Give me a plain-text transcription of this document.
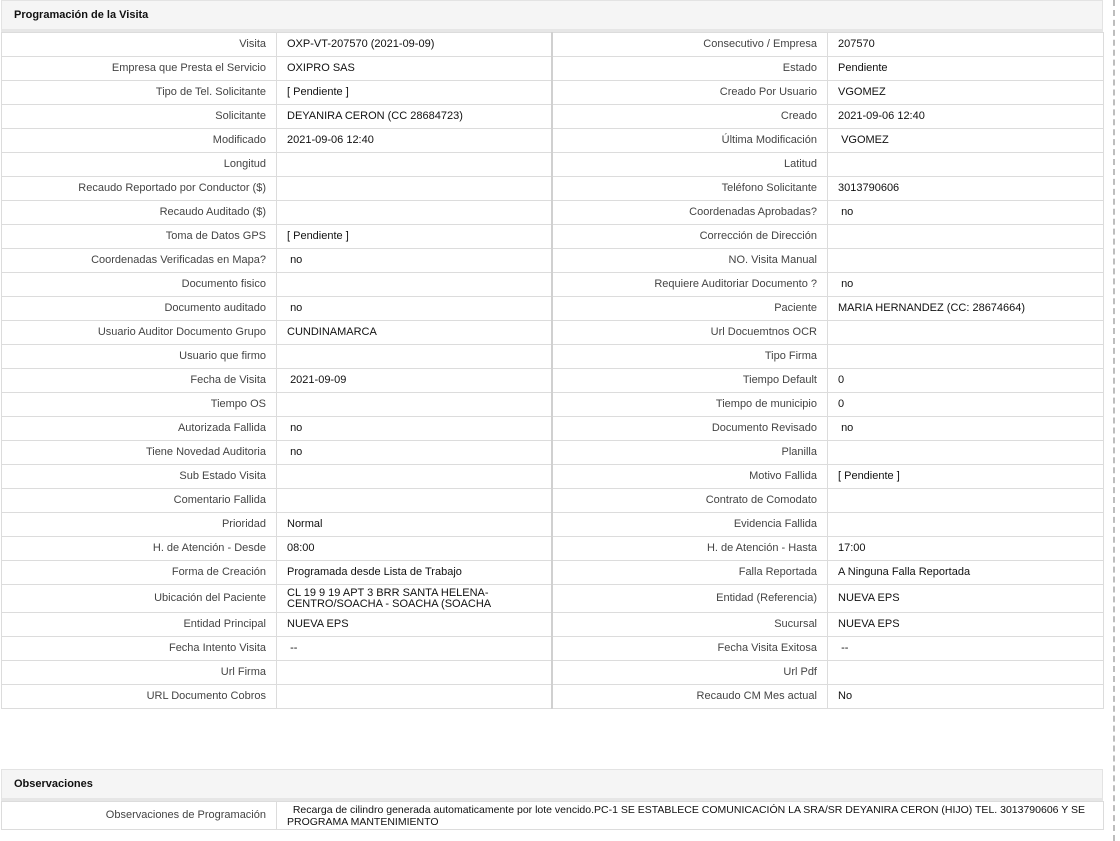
Programación de la Visita
Visita	OXP-VT-207570 (2021-09-09)	Consecutivo / Empresa	207570
Empresa que Presta el Servicio	OXIPRO SAS	Estado	Pendiente
Tipo de Tel. Solicitante	[ Pendiente ]	Creado Por Usuario	VGOMEZ
Solicitante	DEYANIRA CERON (CC 28684723)	Creado	2021-09-06 12:40
Modificado	2021-09-06 12:40	Última Modificación	VGOMEZ
Longitud		Latitud	
Recaudo Reportado por Conductor ($)		Teléfono Solicitante	3013790606
Recaudo Auditado ($)		Coordenadas Aprobadas?	no
Toma de Datos GPS	[ Pendiente ]	Corrección de Dirección	
Coordenadas Verificadas en Mapa?	no	NO. Visita Manual	
Documento fisico		Requiere Auditoriar Documento ?	no
Documento auditado	no	Paciente	MARIA HERNANDEZ (CC: 28674664)
Usuario Auditor Documento Grupo	CUNDINAMARCA	Url Docuemtnos OCR	
Usuario que firmo		Tipo Firma	
Fecha de Visita	2021-09-09	Tiempo Default	0
Tiempo OS		Tiempo de municipio	0
Autorizada Fallida	no	Documento Revisado	no
Tiene Novedad Auditoria	no	Planilla	
Sub Estado Visita		Motivo Fallida	[ Pendiente ]
Comentario Fallida		Contrato de Comodato	
Prioridad	Normal	Evidencia Fallida	
H. de Atención - Desde	08:00	H. de Atención - Hasta	17:00
Forma de Creación	Programada desde Lista de Trabajo	Falla Reportada	A Ninguna Falla Reportada
Ubicación del Paciente	CL 19 9 19 APT 3 BRR SANTA HELENA-CENTRO/SOACHA - SOACHA (SOACHA	Entidad (Referencia)	NUEVA EPS
Entidad Principal	NUEVA EPS	Sucursal	NUEVA EPS
Fecha Intento Visita	--	Fecha Visita Exitosa	--
Url Firma		Url Pdf	
URL Documento Cobros		Recaudo CM Mes actual	No
Observaciones
Observaciones de Programación	Recarga de cilindro generada automaticamente por lote vencido.PC-1 SE ESTABLECE COMUNICACIÓN LA SRA/SR DEYANIRA CERON (HIJO) TEL. 3013790606 Y SE PROGRAMA MANTENIMIENTO
